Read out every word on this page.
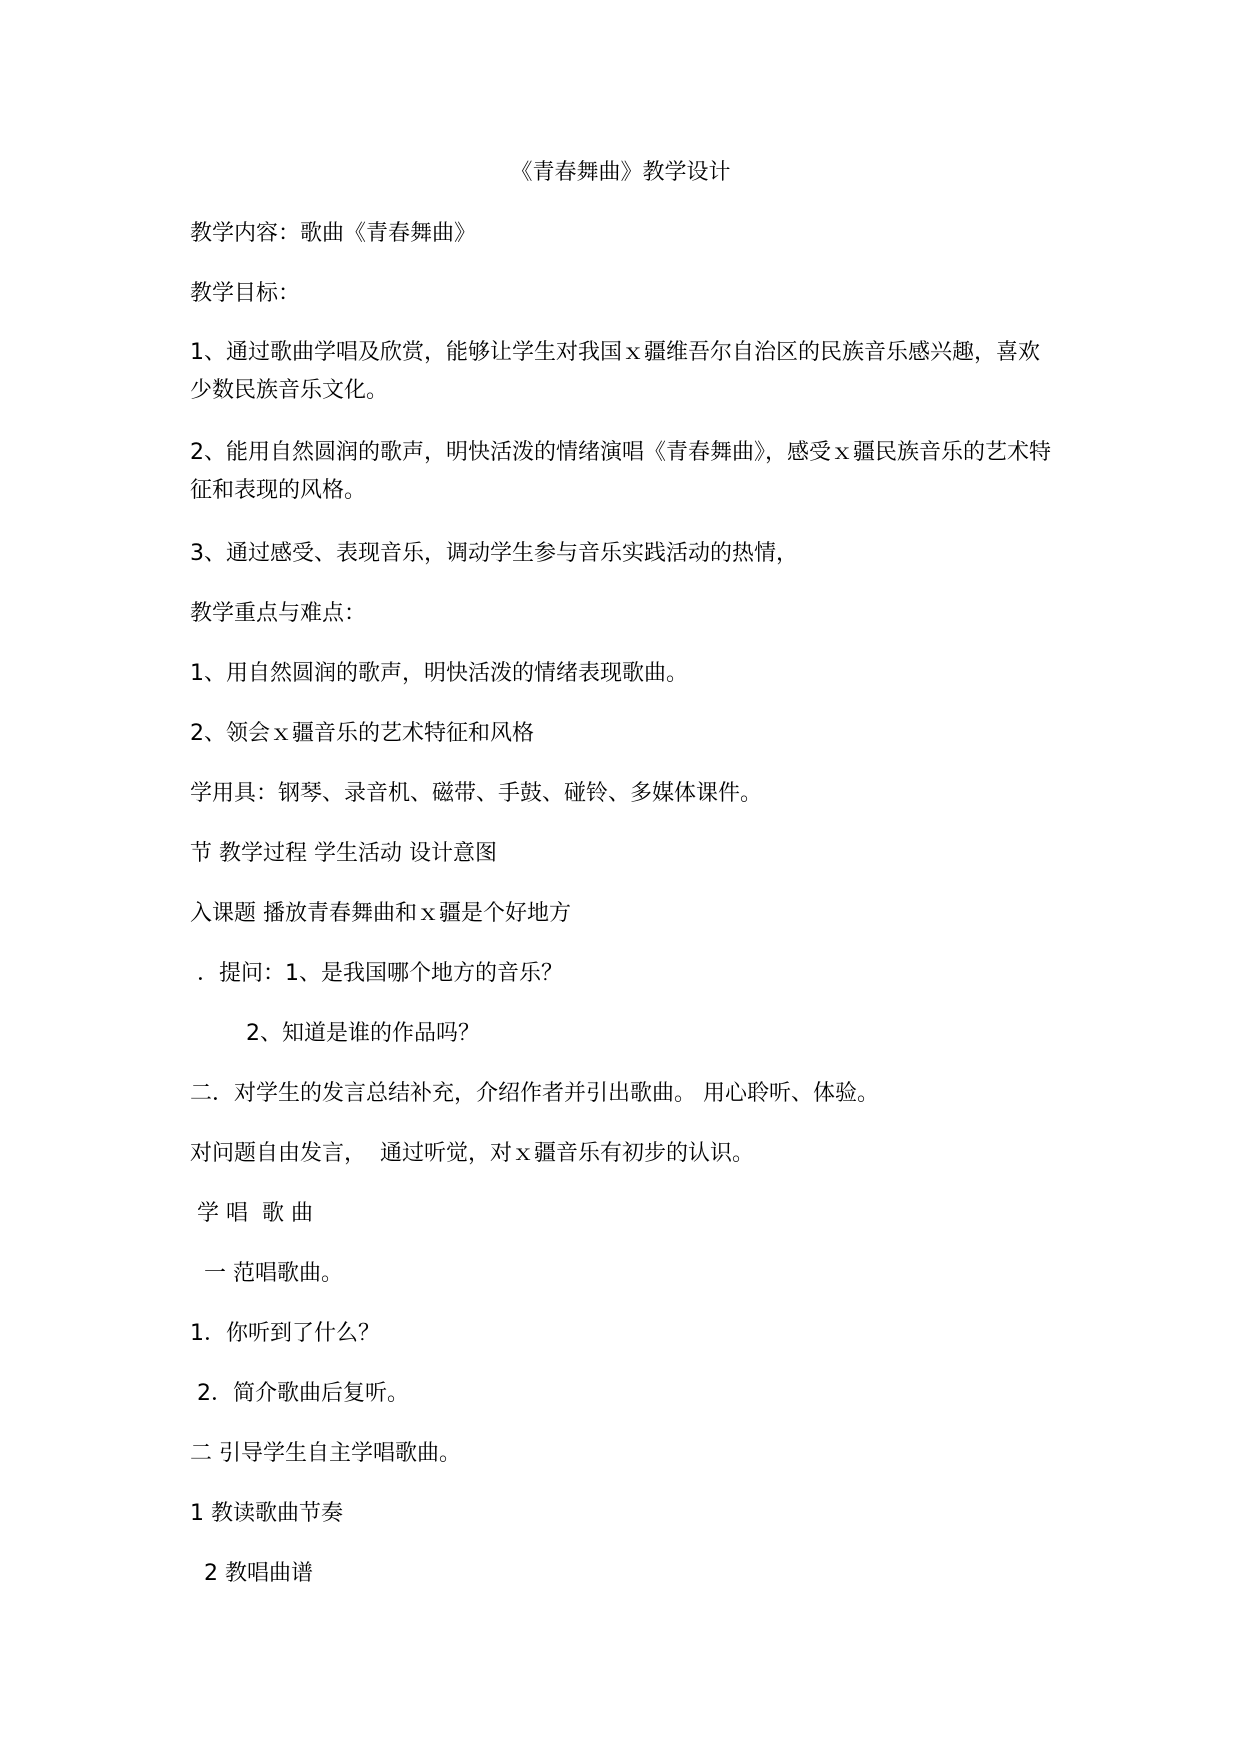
《青春舞曲》教学设计
教学内容：歌曲《青春舞曲》
教学目标：
1、通过歌曲学唱及欣赏，能够让学生对我国ｘ疆维吾尔自治区的民族音乐感兴趣，喜欢少数民族音乐文化。
2、能用自然圆润的歌声，明快活泼的情绪演唱《青春舞曲》，感受ｘ疆民族音乐的艺术特征和表现的风格。
3、通过感受、表现音乐，调动学生参与音乐实践活动的热情，
教学重点与难点：
1、用自然圆润的歌声，明快活泼的情绪表现歌曲。
2、领会ｘ疆音乐的艺术特征和风格
学用具：钢琴、录音机、磁带、手鼓、碰铃、多媒体课件。
节 教学过程 学生活动 设计意图
入课题 播放青春舞曲和ｘ疆是个好地方
．提问：1、是我国哪个地方的音乐？
2、知道是谁的作品吗？
二．对学生的发言总结补充，介绍作者并引出歌曲。 用心聆听、体验。
对问题自由发言，  通过听觉，对ｘ疆音乐有初步的认识。
学 唱  歌 曲
一 范唱歌曲。
1．你听到了什么？
2．简介歌曲后复听。
二 引导学生自主学唱歌曲。
1 教读歌曲节奏
2 教唱曲谱
